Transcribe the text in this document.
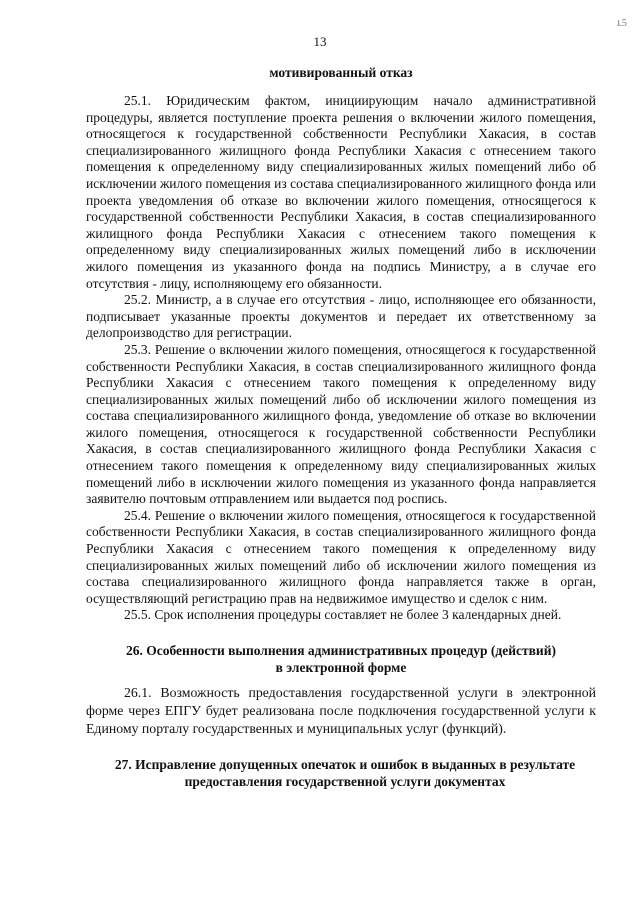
13
ւ5
мотивированный отказ

25.1. Юридическим фактом, инициирующим начало административной процедуры, является поступление проекта решения о включении жилого помещения, относящегося к государственной собственности Республики Хакасия, в состав специализированного жилищного фонда Республики Хакасия с отнесением такого помещения к определенному виду специализированных жилых помещений либо об исключении жилого помещения из состава специализированного жилищного фонда или проекта уведомления об отказе во включении жилого помещения, относящегося к государственной собственности Республики Хакасия, в состав специализированного жилищного фонда Республики Хакасия с отнесением такого помещения к определенному виду специализированных жилых помещений либо в исключении жилого помещения из указанного фонда на подпись Министру, а в случае его отсутствия - лицу, исполняющему его обязанности.

25.2. Министр, а в случае его отсутствия - лицо, исполняющее его обязанности, подписывает указанные проекты документов и передает их ответственному за делопроизводство для регистрации.

25.3. Решение о включении жилого помещения, относящегося к государственной собственности Республики Хакасия, в состав специализированного жилищного фонда Республики Хакасия с отнесением такого помещения к определенному виду специализированных жилых помещений либо об исключении жилого помещения из состава специализированного жилищного фонда, уведомление об отказе во включении жилого помещения, относящегося к государственной собственности Республики Хакасия, в состав специализированного жилищного фонда Республики Хакасия с отнесением такого помещения к определенному виду специализированных жилых помещений либо в исключении жилого помещения из указанного фонда направляется заявителю почтовым отправлением или выдается под роспись.

25.4. Решение о включении жилого помещения, относящегося к государственной собственности Республики Хакасия, в состав специализированного жилищного фонда Республики Хакасия с отнесением такого помещения к определенному виду специализированных жилых помещений либо об исключении жилого помещения из состава специализированного жилищного фонда направляется также в орган, осуществляющий регистрацию прав на недвижимое имущество и сделок с ним.

25.5. Срок исполнения процедуры составляет не более 3 календарных дней.

26. Особенности выполнения административных процедур (действий)
в электронной форме

26.1. Возможность предоставления государственной услуги в электронной форме через ЕПГУ будет реализована после подключения государственной услуги к Единому порталу государственных и муниципальных услуг (функций).

27. Исправление допущенных опечаток и ошибок в выданных в результате
предоставления государственной услуги документах
